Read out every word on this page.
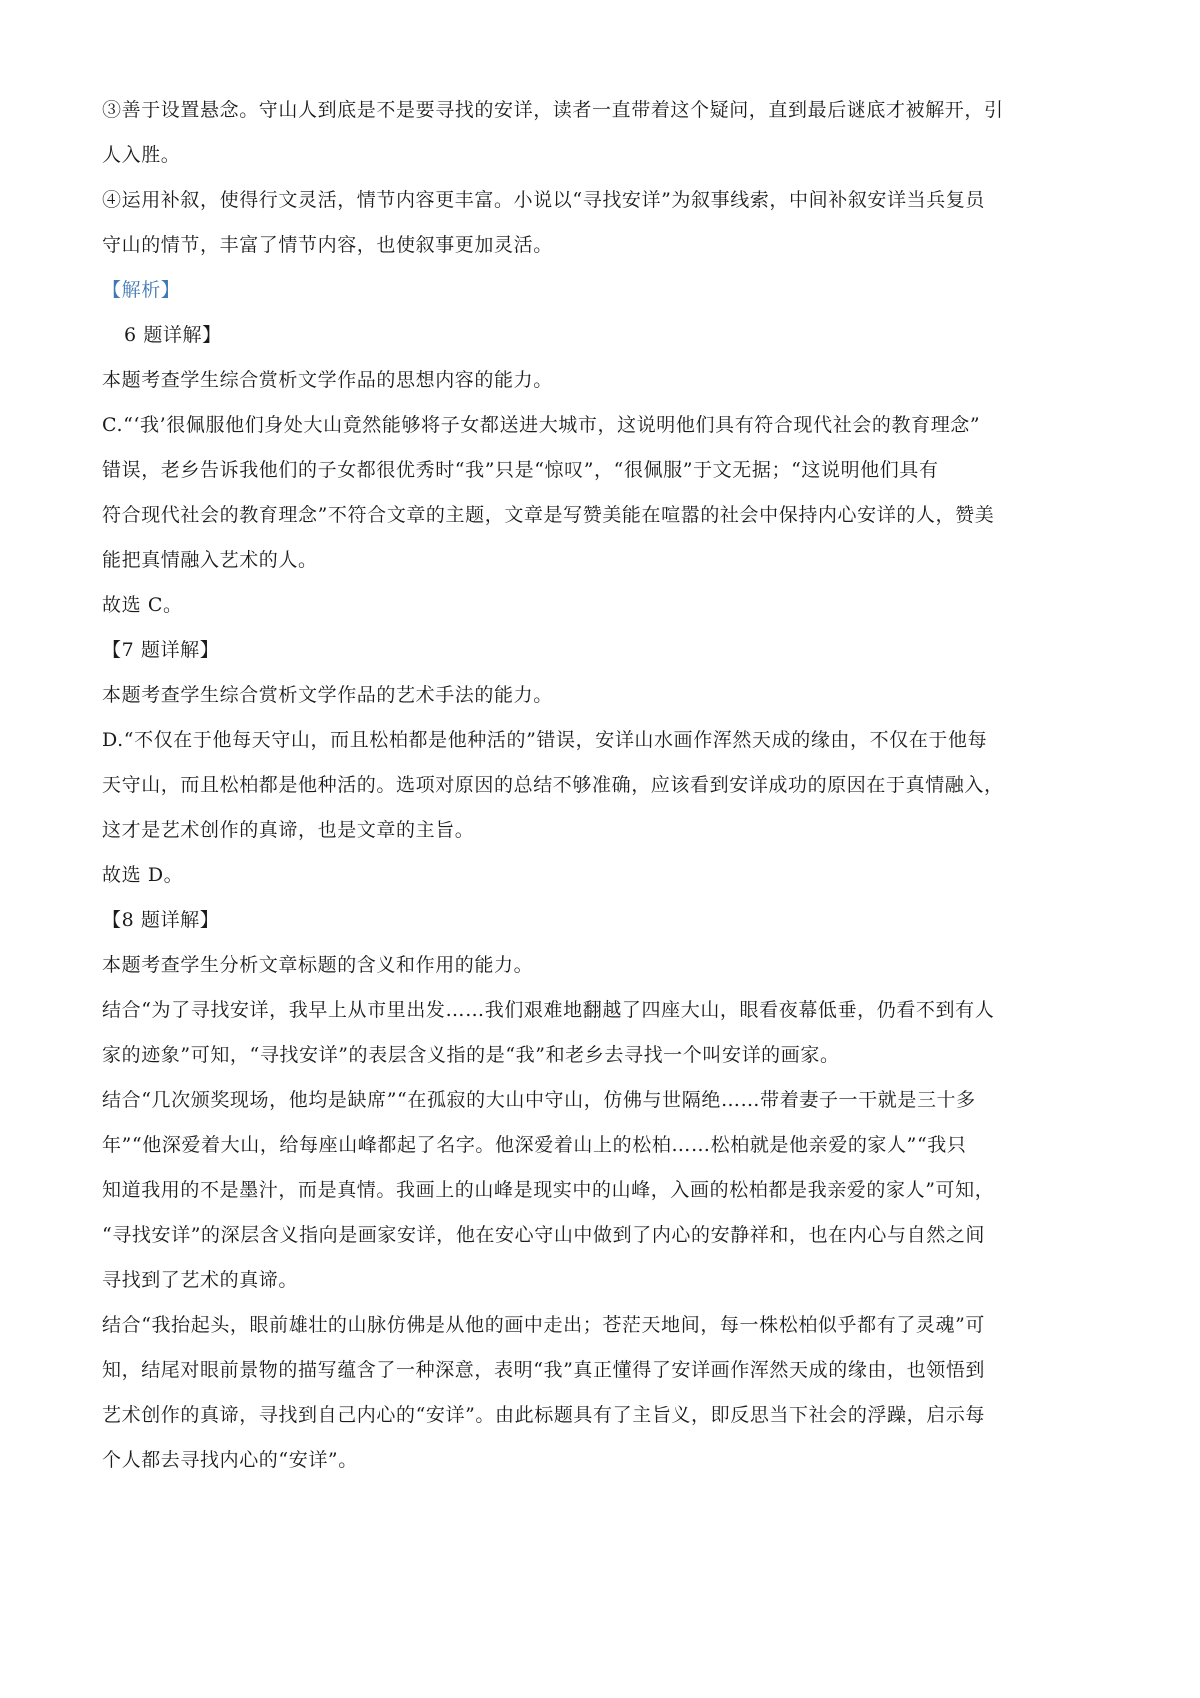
③善于设置悬念。守山人到底是不是要寻找的安详，读者一直带着这个疑问，直到最后谜底才被解开，引
人入胜。
④运用补叙，使得行文灵活，情节内容更丰富。小说以“寻找安详”为叙事线索，中间补叙安详当兵复员
守山的情节，丰富了情节内容，也使叙事更加灵活。
【解析】
6 题详解】
本题考查学生综合赏析文学作品的思想内容的能力。
C.“‘我’很佩服他们身处大山竟然能够将子女都送进大城市，这说明他们具有符合现代社会的教育理念”
错误，老乡告诉我他们的子女都很优秀时“我”只是“惊叹”，“很佩服”于文无据；“这说明他们具有
符合现代社会的教育理念”不符合文章的主题，文章是写赞美能在喧嚣的社会中保持内心安详的人，赞美
能把真情融入艺术的人。
故选 C。
【7 题详解】
本题考查学生综合赏析文学作品的艺术手法的能力。
D.“不仅在于他每天守山，而且松柏都是他种活的”错误，安详山水画作浑然天成的缘由，不仅在于他每
天守山，而且松柏都是他种活的。选项对原因的总结不够准确，应该看到安详成功的原因在于真情融入，
这才是艺术创作的真谛，也是文章的主旨。
故选 D。
【8 题详解】
本题考查学生分析文章标题的含义和作用的能力。
结合“为了寻找安详，我早上从市里出发……我们艰难地翻越了四座大山，眼看夜幕低垂，仍看不到有人
家的迹象”可知，“寻找安详”的表层含义指的是“我”和老乡去寻找一个叫安详的画家。
结合“几次颁奖现场，他均是缺席”“在孤寂的大山中守山，仿佛与世隔绝……带着妻子一干就是三十多
年”“他深爱着大山，给每座山峰都起了名字。他深爱着山上的松柏……松柏就是他亲爱的家人”“我只
知道我用的不是墨汁，而是真情。我画上的山峰是现实中的山峰，入画的松柏都是我亲爱的家人”可知，
“寻找安详”的深层含义指向是画家安详，他在安心守山中做到了内心的安静祥和，也在内心与自然之间
寻找到了艺术的真谛。
结合“我抬起头，眼前雄壮的山脉仿佛是从他的画中走出；苍茫天地间，每一株松柏似乎都有了灵魂”可
知，结尾对眼前景物的描写蕴含了一种深意，表明“我”真正懂得了安详画作浑然天成的缘由，也领悟到
艺术创作的真谛，寻找到自己内心的“安详”。由此标题具有了主旨义，即反思当下社会的浮躁，启示每
个人都去寻找内心的“安详”。
